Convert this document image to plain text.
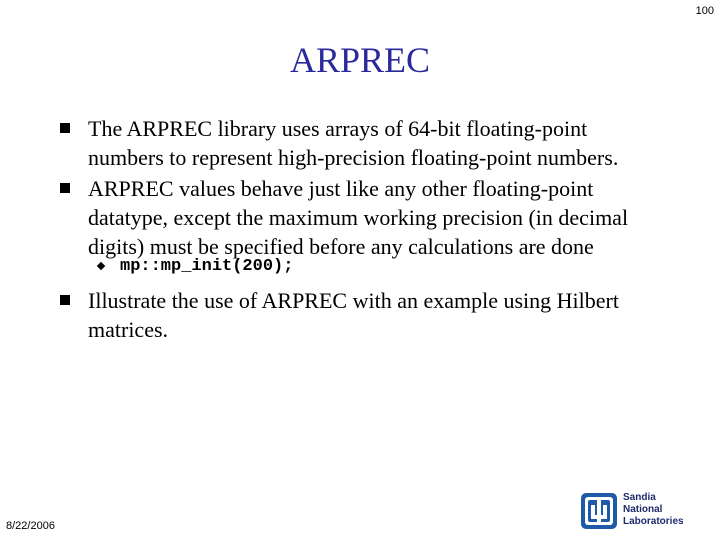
100
ARPREC
The ARPREC library uses arrays of 64-bit floating-point numbers to represent high-precision floating-point numbers.
ARPREC values behave just like any other floating-point datatype, except the maximum working precision (in decimal digits) must be specified before any calculations are done
mp::mp_init(200);
Illustrate the use of ARPREC with an example using Hilbert matrices.
8/22/2006
Sandia
National
Laboratories
